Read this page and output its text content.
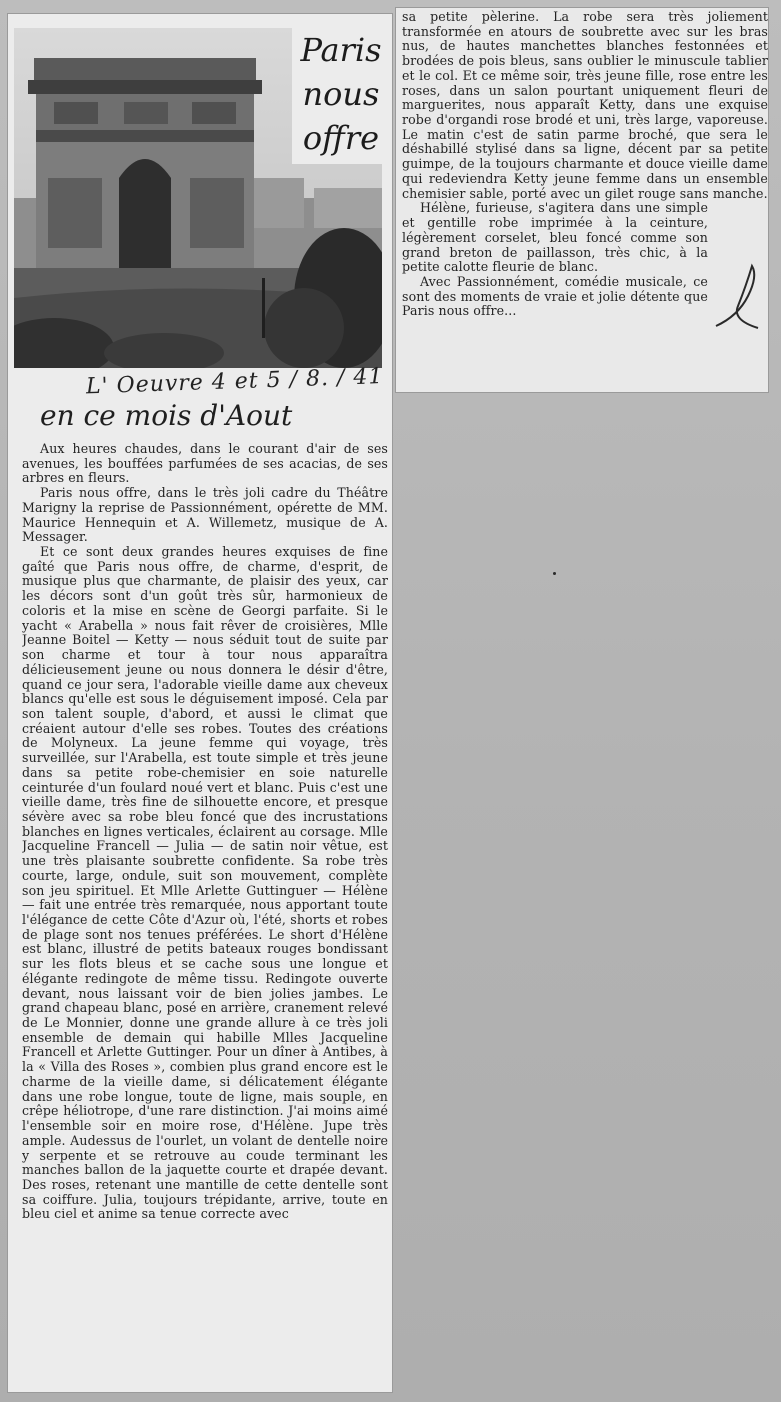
Paris
nous
offre
L' Oeuvre 4 et 5 / 8. / 41
en ce mois d'Aout

Aux heures chaudes, dans le courant d'air de ses avenues, les bouffées parfumées de ses acacias, de ses arbres en fleurs.

Paris nous offre, dans le très joli cadre du Théâtre Marigny la reprise de Passionnément, opérette de MM. Maurice Hennequin et A. Willemetz, musique de A. Messager.

Et ce sont deux grandes heures exquises de fine gaîté que Paris nous offre, de charme, d'esprit, de musique plus que charmante, de plaisir des yeux, car les décors sont d'un goût très sûr, harmonieux de coloris et la mise en scène de Georgi parfaite. Si le yacht « Arabella » nous fait rêver de croisières, Mlle Jeanne Boitel — Ketty — nous séduit tout de suite par son charme et tour à tour nous apparaîtra délicieusement jeune ou nous donnera le désir d'être, quand ce jour sera, l'adorable vieille dame aux cheveux blancs qu'elle est sous le déguisement imposé. Cela par son talent souple, d'abord, et aussi le climat que créaient autour d'elle ses robes. Toutes des créations de Molyneux. La jeune femme qui voyage, très surveillée, sur l'Arabella, est toute simple et très jeune dans sa petite robe-chemisier en soie naturelle ceinturée d'un foulard noué vert et blanc. Puis c'est une vieille dame, très fine de silhouette encore, et presque sévère avec sa robe bleu foncé que des incrustations blanches en lignes verticales, éclairent au corsage. Mlle Jacqueline Francell — Julia — de satin noir vêtue, est une très plaisante soubrette confidente. Sa robe très courte, large, ondule, suit son mouvement, complète son jeu spirituel. Et Mlle Arlette Guttinguer — Hélène — fait une entrée très remarquée, nous apportant toute l'élégance de cette Côte d'Azur où, l'été, shorts et robes de plage sont nos tenues préférées. Le short d'Hélène est blanc, illustré de petits bateaux rouges bondissant sur les flots bleus et se cache sous une longue et élégante redingote de même tissu. Redingote ouverte devant, nous laissant voir de bien jolies jambes. Le grand chapeau blanc, posé en arrière, cranement relevé de Le Monnier, donne une grande allure à ce très joli ensemble de demain qui habille Mlles Jacqueline Francell et Arlette Guttinger. Pour un dîner à Antibes, à la « Villa des Roses », combien plus grand encore est le charme de la vieille dame, si délicatement élégante dans une robe longue, toute de ligne, mais souple, en crêpe héliotrope, d'une rare distinction. J'ai moins aimé l'ensemble soir en moire rose, d'Hélène. Jupe très ample. Audessus de l'ourlet, un volant de dentelle noire y serpente et se retrouve au coude terminant les manches ballon de la jaquette courte et drapée devant. Des roses, retenant une mantille de cette dentelle sont sa coiffure. Julia, toujours trépidante, arrive, toute en bleu ciel et anime sa tenue correcte avec

sa petite pèlerine. La robe sera très joliement transformée en atours de soubrette avec sur les bras nus, de hautes manchettes blanches festonnées et brodées de pois bleus, sans oublier le minuscule tablier et le col. Et ce même soir, très jeune fille, rose entre les roses, dans un salon pourtant uniquement fleuri de marguerites, nous apparaît Ketty, dans une exquise robe d'organdi rose brodé et uni, très large, vaporeuse. Le matin c'est de satin parme broché, que sera le déshabillé stylisé dans sa ligne, décent par sa petite guimpe, de la toujours charmante et douce vieille dame qui redeviendra Ketty jeune femme dans un ensemble chemisier sable, porté avec un gilet rouge sans manche.

Hélène, furieuse, s'agitera dans une simple et gentille robe imprimée à la ceinture, légèrement corselet, bleu foncé comme son grand breton de paillasson, très chic, à la petite calotte fleurie de blanc.

Avec Passionnément, comédie musicale, ce sont des moments de vraie et jolie détente que Paris nous offre...
